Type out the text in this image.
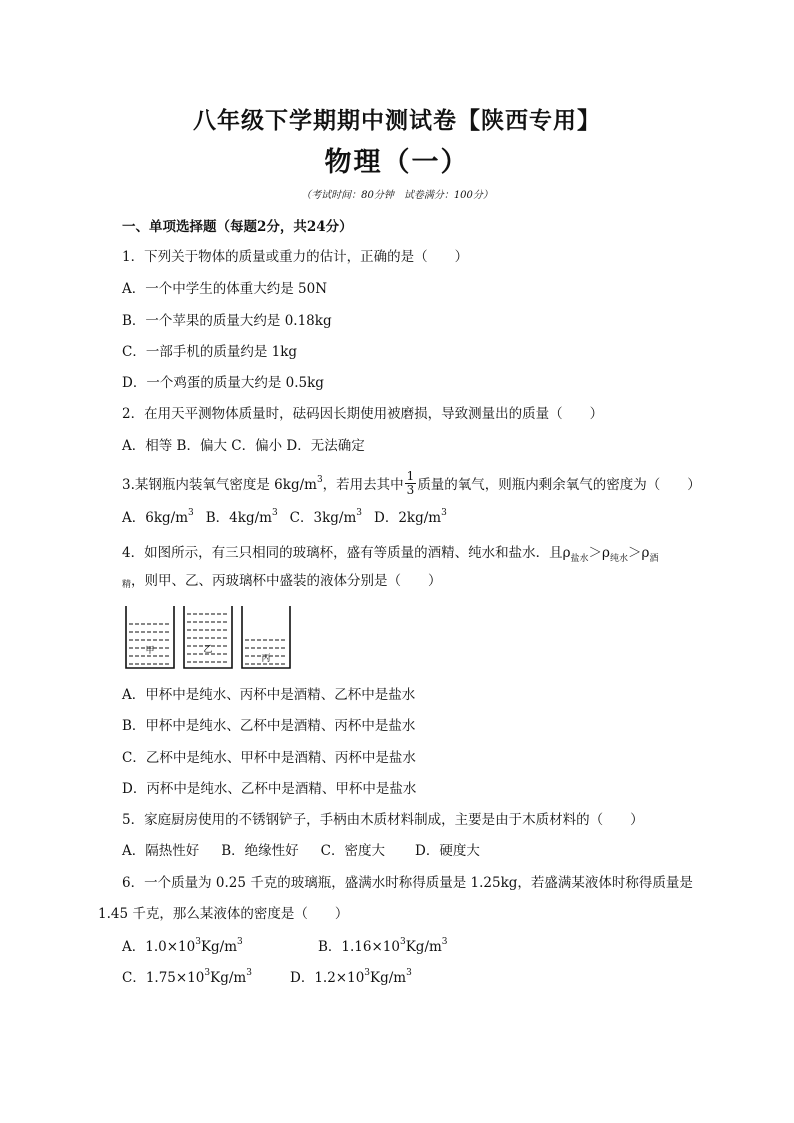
八年级下学期期中测试卷【陕西专用】
物理（一）
（考试时间：80分钟　试卷满分：100分）
一、单项选择题（每题2分，共24分）
1．下列关于物体的质量或重力的估计，正确的是（　　）
A．一个中学生的体重大约是 50N
B．一个苹果的质量大约是 0.18kg
C．一部手机的质量约是 1kg
D．一个鸡蛋的质量大约是 0.5kg
2．在用天平测物体质量时，砝码因长期使用被磨损，导致测量出的质量（　　）
A．相等 B．偏大 C．偏小 D．无法确定
3.某钢瓶内装氧气密度是 $6kg/m^3$，若用去其中 $\frac{1}{3}$ 质量的氧气，则瓶内剩余氧气的密度为（　　）
A．$6kg/m^3$ B．$4kg/m^3$ C．$3kg/m^3$ D．$2kg/m^3$
4．如图所示，有三只相同的玻璃杯，盛有等质量的酒精、纯水和盐水．且$\rho_{盐水}>\rho_{纯水}>\rho_酒$
精，则甲、乙、丙玻璃杯中盛装的液体分别是（　　）
甲	乙
丙
A．甲杯中是纯水、丙杯中是酒精、乙杯中是盐水
B．甲杯中是纯水、乙杯中是酒精、丙杯中是盐水
C．乙杯中是纯水、甲杯中是酒精、丙杯中是盐水
D．丙杯中是纯水、乙杯中是酒精、甲杯中是盐水
5．家庭厨房使用的不锈钢铲子，手柄由木质材料制成，主要是由于木质材料的（　　）
A．隔热性好 B．绝缘性好 C．密度大 D．硬度大
6．一个质量为 0.25 千克的玻璃瓶，盛满水时称得质量是 1.25kg，若盛满某液体时称得质量是
1.45 千克，那么某液体的密度是（　　）
A．$1.0\times 10^3Kg/m^3$	B．$1.16\times 10^3Kg/m^3$
C．$1.75\times 10^3Kg/m^3$	D．$1.2\times 10^3Kg/m^3$
